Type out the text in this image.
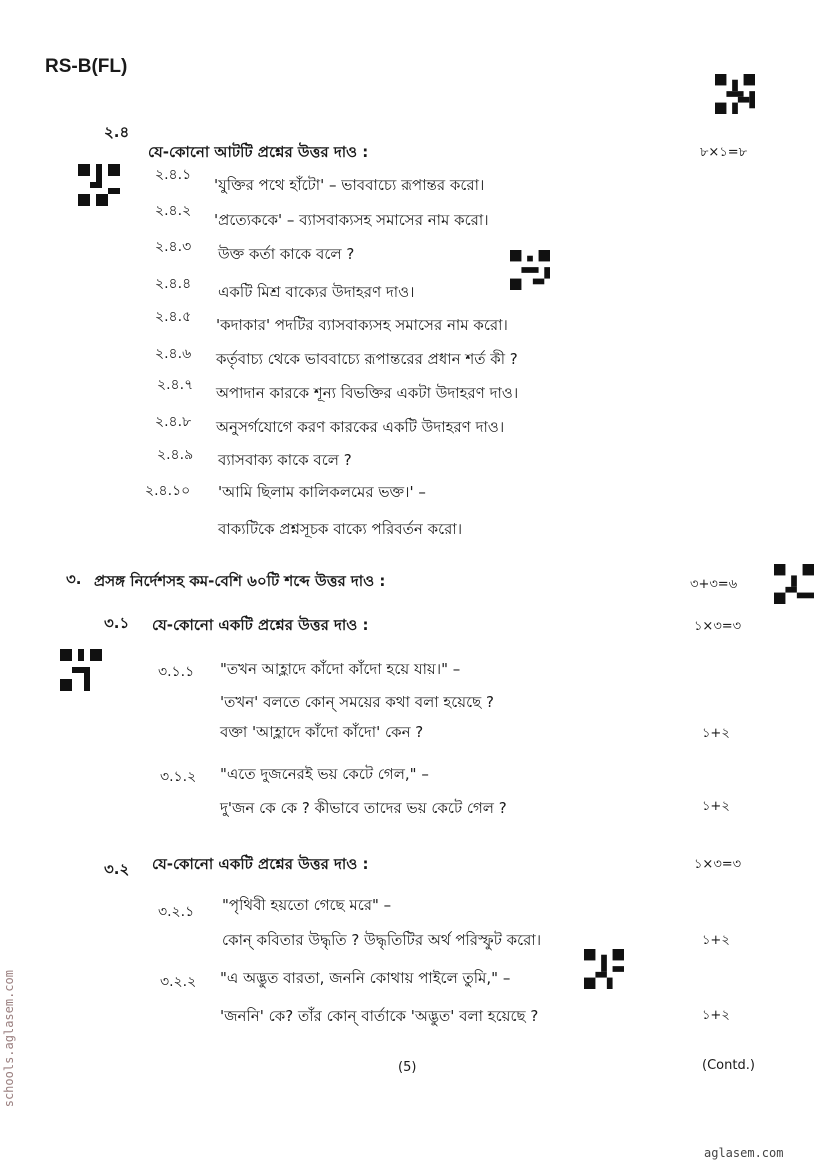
RS-B(FL)
২.৪
যে-কোনো আটটি প্রশ্নের উত্তর দাও :	৮×১=৮
২.৪.১
'যুক্তির পথে হাঁটো' – ভাববাচ্যে রূপান্তর করো।
২.৪.২ 'প্রত্যেককে' – ব্যাসবাক্যসহ সমাসের নাম করো।
২.৪.৩ উক্ত কর্তা কাকে বলে ?
২.৪.৪ একটি মিশ্র বাক্যের উদাহরণ দাও।
২.৪.৫ 'কদাকার' পদটির ব্যাসবাক্যসহ সমাসের নাম করো।
২.৪.৬ কর্তৃবাচ্য থেকে ভাববাচ্যে রূপান্তরের প্রধান শর্ত কী ?
২.৪.৭ অপাদান কারকে শূন্য বিভক্তির একটা উদাহরণ দাও।
২.৪.৮ অনুসর্গযোগে করণ কারকের একটি উদাহরণ দাও।
২.৪.৯ ব্যাসবাক্য কাকে বলে ?
২.৪.১০ 'আমি ছিলাম কালিকলমের ভক্ত।' –
বাক্যটিকে প্রশ্নসূচক বাক্যে পরিবর্তন করো।
৩. প্রসঙ্গ নির্দেশসহ কম-বেশি ৬০টি শব্দে উত্তর দাও :	৩+৩=৬
৩.১ যে-কোনো একটি প্রশ্নের উত্তর দাও :	১×৩=৩
৩.১.১ "তখন আহ্লাদে কাঁদো কাঁদো হয়ে যায়।" –
'তখন' বলতে কোন্ সময়ের কথা বলা হয়েছে ?
বক্তা 'আহ্লাদে কাঁদো কাঁদো' কেন ?	১+২
৩.১.২ "এতে দুজনেরই ভয় কেটে গেল," –
দু'জন কে কে ? কীভাবে তাদের ভয় কেটে গেল ?	১+২
৩.২ যে-কোনো একটি প্রশ্নের উত্তর দাও :	১×৩=৩
৩.২.১ "পৃথিবী হয়তো গেছে মরে" –
কোন্ কবিতার উদ্ধৃতি ? উদ্ধৃতিটির অর্থ পরিস্ফুট করো।	১+২
৩.২.২ "এ অদ্ভুত বারতা, জননি কোথায় পাইলে তুমি," –
'জননি' কে? তাঁর কোন্ বার্তাকে 'অদ্ভুত' বলা হয়েছে ?	১+২
(5)	(Contd.)
schools.aglasem.com
aglasem.com
